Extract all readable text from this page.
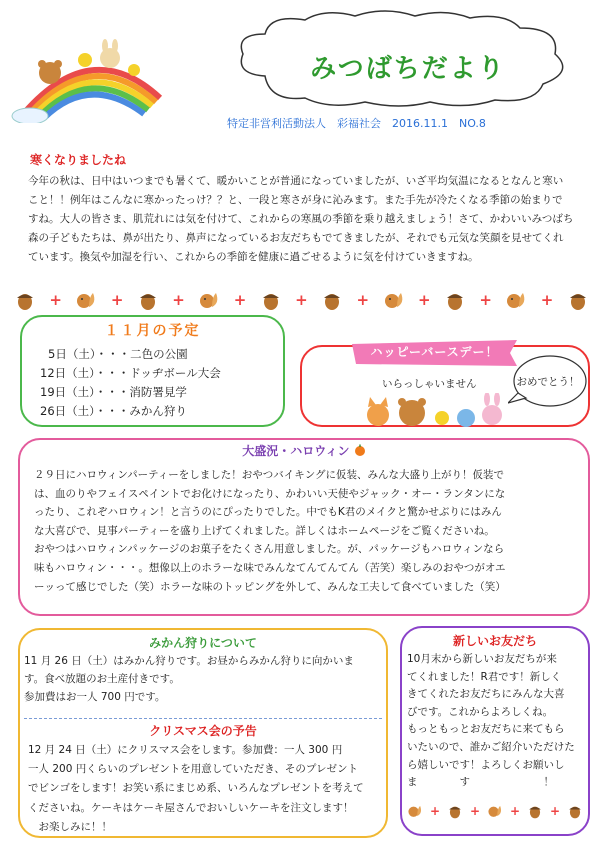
みつばちだより
特定非営利活動法人　彩福社会　2016.11.1　NO.8
寒くなりましたね
今年の秋は、日中はいつまでも暑くて、暖かいことが普通になっていましたが、いざ平均気温になるとなんと寒い
こと！！例年はこんなに寒かったっけ？？と、一段と寒さが身に沁みます。また手先が冷たくなる季節の始まりで
すね。大人の皆さま、肌荒れには気を付けて、これからの寒風の季節を乗り越えましょう！さて、かわいいみつばち
森の子どもたちは、鼻が出たり、鼻声になっているお友だちもでてきましたが、それでも元気な笑顔を見せてくれ
ています。換気や加湿を行い、これからの季節を健康に過ごせるように気を付けていきますね。
+	+	+	+	+	+	+	+	+
１１月の予定
5日（土）・・・二色の公園
12日（土）・・・ドッヂボール大会
19日（土）・・・消防署見学
26日（土）・・・みかん狩り
ハッピーバースデー！
いらっしゃいません	おめでとう！
大盛況・ハロウィン
２９日にハロウィンパーティーをしました！おやつバイキングに仮装、みんな大盛り上がり！仮装で
は、血のりやフェイスペイントでお化けになったり、かわいい天使やジャック・オー・ランタンにな
ったり、これぞハロウィン！と言うのにぴったりでした。中でもK君のメイクと驚かせぶりにはみん
な大喜びで、見事パーティーを盛り上げてくれました。詳しくはホームページをご覧くださいね。
おやつはハロウィンパッケージのお菓子をたくさん用意しました。が、パッケージもハロウィンなら
味もハロウィン・・・。想像以上のホラーな味でみんなてんてんてん（苦笑）楽しみのおやつがオエ
ーッって感じでした（笑）ホラーな味のトッピングを外して、みんな工夫して食べていました（笑）
みかん狩りについて
11 月 26 日（土）はみかん狩りです。お昼からみかん狩りに向かいま
す。食べ放題のお土産付きです。
参加費はお一人 700 円です。
クリスマス会の予告
12 月 24 日（土）にクリスマス会をします。参加費：一人 300 円
一人 200 円くらいのプレゼントを用意していただき、そのプレゼント
でビンゴをします！お笑い系にまじめ系、いろんなプレゼントを考えて
くださいね。ケーキはケーキ屋さんでおいしいケーキを注文します！
　お楽しみに！！
新しいお友だち
10月末から新しいお友だちが来
てくれました！R君です！新しく
きてくれたお友だちにみんな大喜
びです。これからよろしくね。
もっともっとお友だちに来てもら
いたいので、誰かご紹介いただけた
ら嬉しいです！よろしくお願いし
ま　　　　す　　　　　　　！
+ + + +
